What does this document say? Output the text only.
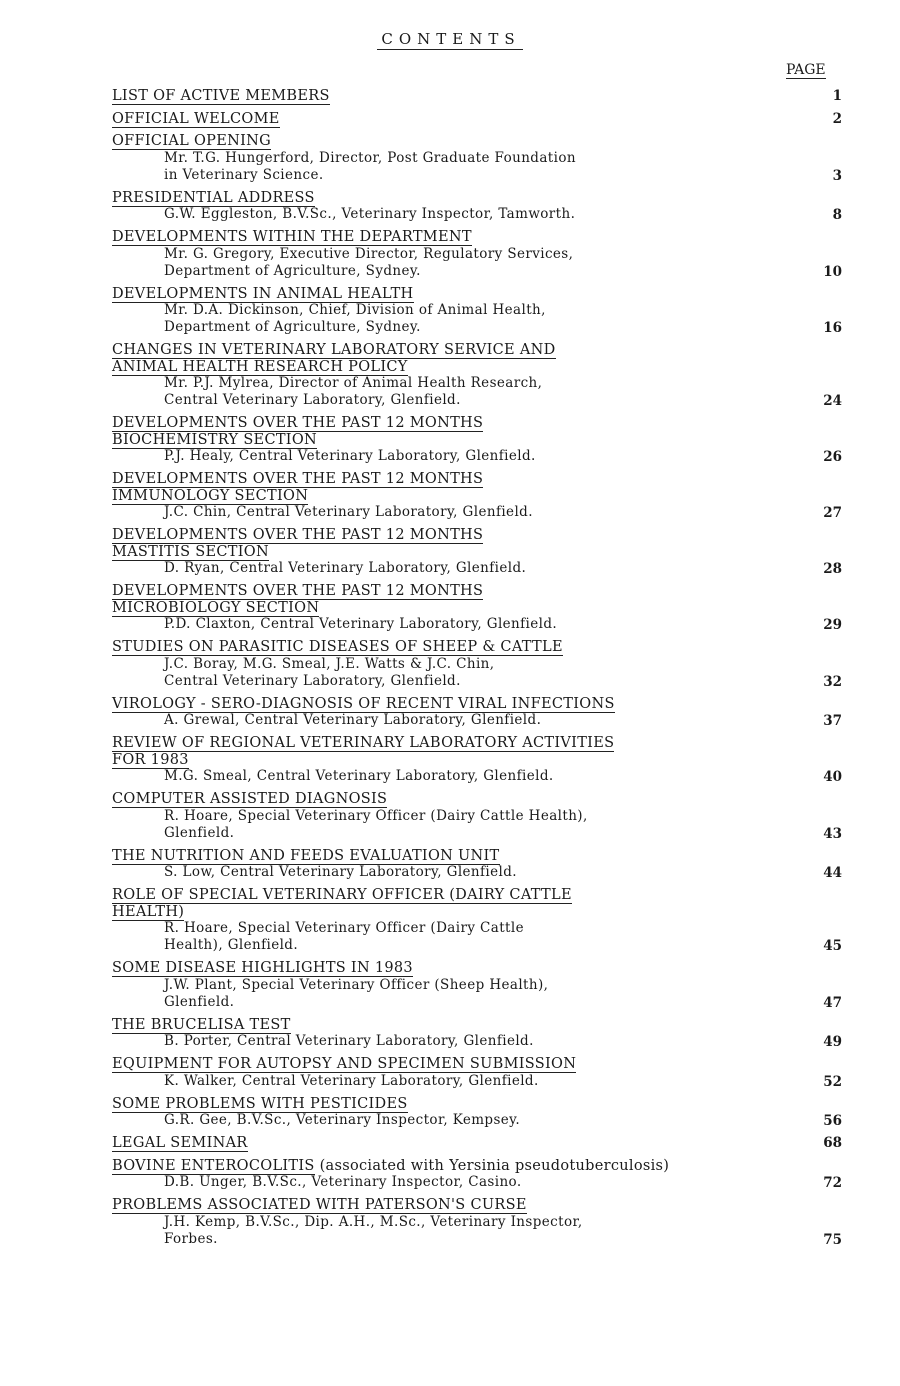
CONTENTS
PAGE
LIST OF ACTIVE MEMBERS	1
OFFICIAL WELCOME	2
OFFICIAL OPENING
Mr. T.G. Hungerford, Director, Post Graduate Foundation
in Veterinary Science.	3
PRESIDENTIAL ADDRESS
G.W. Eggleston, B.V.Sc., Veterinary Inspector, Tamworth.	8
DEVELOPMENTS WITHIN THE DEPARTMENT
Mr. G. Gregory, Executive Director, Regulatory Services,
Department of Agriculture, Sydney.	10
DEVELOPMENTS IN ANIMAL HEALTH
Mr. D.A. Dickinson, Chief, Division of Animal Health,
Department of Agriculture, Sydney.	16
CHANGES IN VETERINARY LABORATORY SERVICE AND
ANIMAL HEALTH RESEARCH POLICY
Mr. P.J. Mylrea, Director of Animal Health Research,
Central Veterinary Laboratory, Glenfield.	24
DEVELOPMENTS OVER THE PAST 12 MONTHS
BIOCHEMISTRY SECTION
P.J. Healy, Central Veterinary Laboratory, Glenfield.	26
DEVELOPMENTS OVER THE PAST 12 MONTHS
IMMUNOLOGY SECTION
J.C. Chin, Central Veterinary Laboratory, Glenfield.	27
DEVELOPMENTS OVER THE PAST 12 MONTHS
MASTITIS SECTION
D. Ryan, Central Veterinary Laboratory, Glenfield.	28
DEVELOPMENTS OVER THE PAST 12 MONTHS
MICROBIOLOGY SECTION
P.D. Claxton, Central Veterinary Laboratory, Glenfield.	29
STUDIES ON PARASITIC DISEASES OF SHEEP & CATTLE
J.C. Boray, M.G. Smeal, J.E. Watts & J.C. Chin,
Central Veterinary Laboratory, Glenfield.	32
VIROLOGY - SERO-DIAGNOSIS OF RECENT VIRAL INFECTIONS
A. Grewal, Central Veterinary Laboratory, Glenfield.	37
REVIEW OF REGIONAL VETERINARY LABORATORY ACTIVITIES
FOR 1983
M.G. Smeal, Central Veterinary Laboratory, Glenfield.	40
COMPUTER ASSISTED DIAGNOSIS
R. Hoare, Special Veterinary Officer (Dairy Cattle Health),
Glenfield.	43
THE NUTRITION AND FEEDS EVALUATION UNIT
S. Low, Central Veterinary Laboratory, Glenfield.	44
ROLE OF SPECIAL VETERINARY OFFICER (DAIRY CATTLE
HEALTH)
R. Hoare, Special Veterinary Officer (Dairy Cattle
Health), Glenfield.	45
SOME DISEASE HIGHLIGHTS IN 1983
J.W. Plant, Special Veterinary Officer (Sheep Health),
Glenfield.	47
THE BRUCELISA TEST
B. Porter, Central Veterinary Laboratory, Glenfield.	49
EQUIPMENT FOR AUTOPSY AND SPECIMEN SUBMISSION
K. Walker, Central Veterinary Laboratory, Glenfield.	52
SOME PROBLEMS WITH PESTICIDES
G.R. Gee, B.V.Sc., Veterinary Inspector, Kempsey.	56
LEGAL SEMINAR	68
BOVINE ENTEROCOLITIS (associated with Yersinia pseudotuberculosis)
D.B. Unger, B.V.Sc., Veterinary Inspector, Casino.	72
PROBLEMS ASSOCIATED WITH PATERSON'S CURSE
J.H. Kemp, B.V.Sc., Dip. A.H., M.Sc., Veterinary Inspector,
Forbes.	75
